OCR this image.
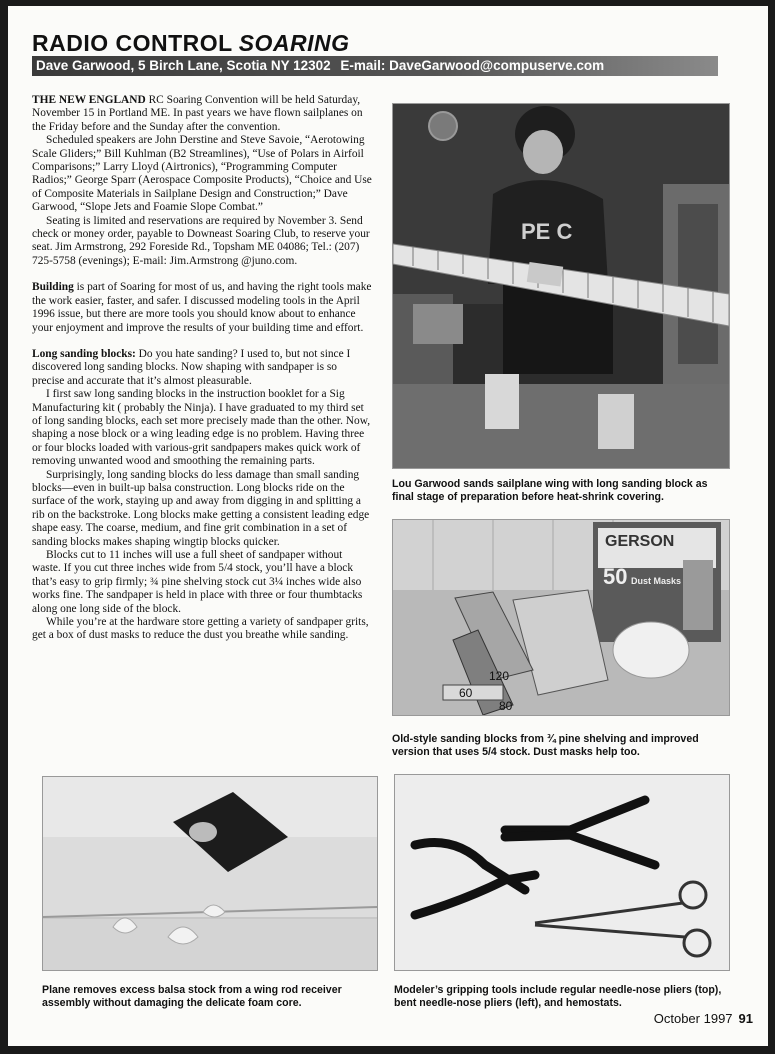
RADIO CONTROL SOARING
Dave Garwood, 5 Birch Lane, Scotia NY 12302 E-mail: DaveGarwood@compuserve.com

THE NEW ENGLAND RC Soaring Convention will be held Saturday, November 15 in Portland ME. In past years we have flown sailplanes on the Friday before and the Sunday after the convention.

Scheduled speakers are John Derstine and Steve Savoie, “Aerotowing Scale Gliders;” Bill Kuhlman (B2 Streamlines), “Use of Polars in Airfoil Comparisons;” Larry Lloyd (Airtronics), “Programming Computer Radios;” George Sparr (Aerospace Composite Products), “Choice and Use of Composite Materials in Sailplane Design and Construction;” Dave Garwood, “Slope Jets and Foamie Slope Combat.”

Seating is limited and reservations are required by November 3. Send check or money order, payable to Downeast Soaring Club, to reserve your seat. Jim Armstrong, 292 Foreside Rd., Topsham ME 04086; Tel.: (207) 725-5758 (evenings); E-mail: Jim.Armstrong @juno.com.

Building is part of Soaring for most of us, and having the right tools make the work easier, faster, and safer. I discussed modeling tools in the April 1996 issue, but there are more tools you should know about to enhance your enjoyment and improve the results of your building time and effort.

Long sanding blocks: Do you hate sanding? I used to, but not since I discovered long sanding blocks. Now shaping with sandpaper is so precise and accurate that it’s almost pleasurable.

I first saw long sanding blocks in the instruction booklet for a Sig Manufacturing kit ( probably the Ninja). I have graduated to my third set of long sanding blocks, each set more precisely made than the other. Now, shaping a nose block or a wing leading edge is no problem. Having three or four blocks loaded with various-grit sandpapers makes quick work of removing unwanted wood and smoothing the remaining parts.

Surprisingly, long sanding blocks do less damage than small sanding blocks—even in built-up balsa construction. Long blocks ride on the surface of the work, staying up and away from digging in and splitting a rib on the backstroke. Long blocks make getting a consistent leading edge shape easy. The coarse, medium, and fine grit combination in a set of sanding blocks makes shaping wingtip blocks quicker.

Blocks cut to 11 inches will use a full sheet of sandpaper without waste. If you cut three inches wide from 5/4 stock, you’ll have a block that’s easy to grip firmly; ¾ pine shelving stock cut 3¼ inches wide also works fine. The sandpaper is held in place with three or four thumbtacks along one long side of the block.

While you’re at the hardware store getting a variety of sandpaper grits, get a box of dust masks to reduce the dust you breathe while sanding.

PE C
Lou Garwood sands sailplane wing with long sanding block as final stage of preparation before heat-shrink covering.
GERSON
50 Dust Masks
120
60
80
Old-style sanding blocks from ¾ pine shelving and improved version that uses 5/4 stock. Dust masks help too.
Plane removes excess balsa stock from a wing rod receiver assembly without damaging the delicate foam core.
Modeler’s gripping tools include regular needle-nose pliers (top), bent needle-nose pliers (left), and hemostats.
October 1997 91
